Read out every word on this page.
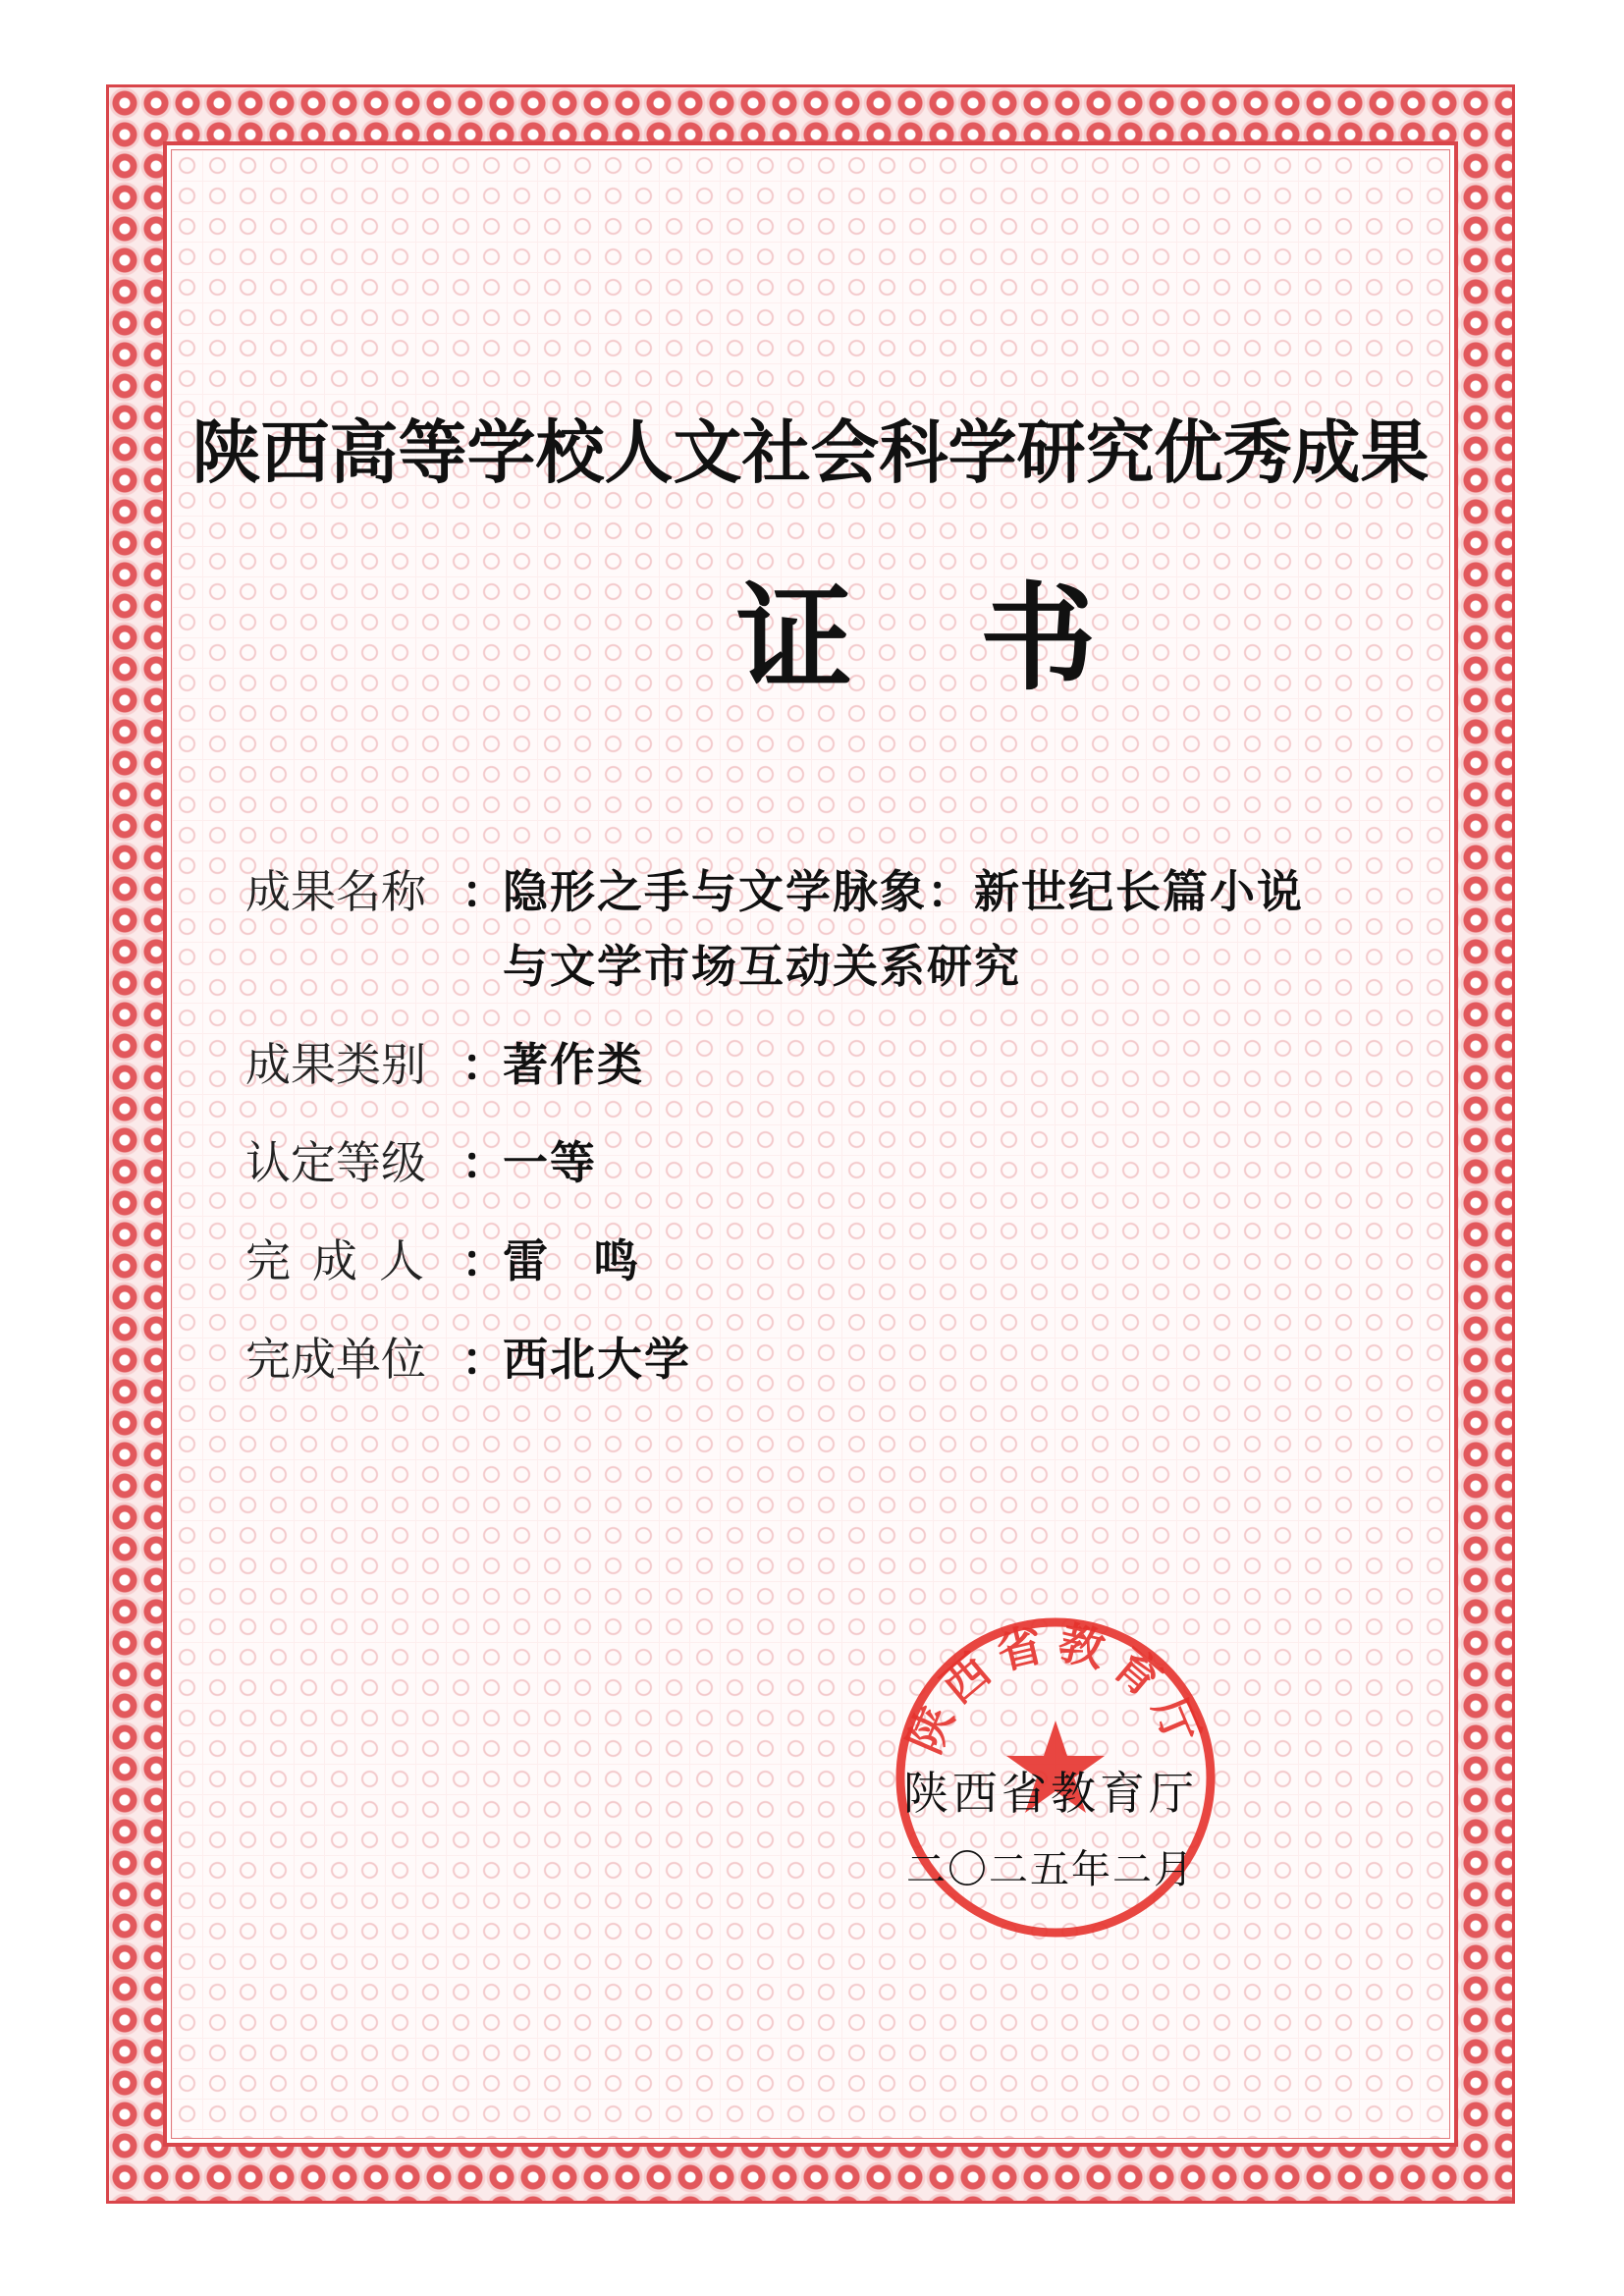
陕西高等学校人文社会科学研究优秀成果
证书
成果名称 ：
隐形之手与文学脉象：新世纪长篇小说
与文学市场互动关系研究
成果类别 ：
著作类
认定等级 ：
一等
完成人 ：
雷鸣
完成单位 ：
西北大学
陕西省教育厅
陕西省教育厅
二〇二五年二月
